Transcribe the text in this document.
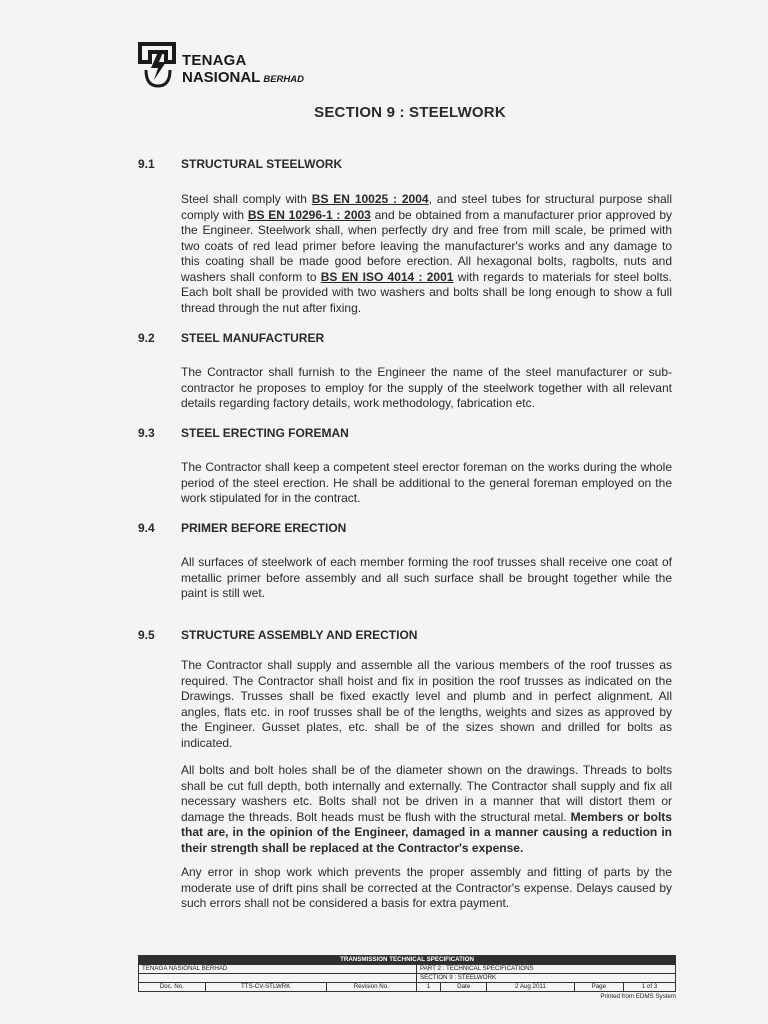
TENAGA
NASIONAL BERHAD
SECTION 9 : STEELWORK
9.1 STRUCTURAL STEELWORK
Steel shall comply with BS EN 10025 : 2004, and steel tubes for structural purpose shall comply with BS EN 10296-1 : 2003 and be obtained from a manufacturer prior approved by the Engineer. Steelwork shall, when perfectly dry and free from mill scale, be primed with two coats of red lead primer before leaving the manufacturer's works and any damage to this coating shall be made good before erection. All hexagonal bolts, ragbolts, nuts and washers shall conform to BS EN ISO 4014 : 2001 with regards to materials for steel bolts. Each bolt shall be provided with two washers and bolts shall be long enough to show a full thread through the nut after fixing.
9.2 STEEL MANUFACTURER
The Contractor shall furnish to the Engineer the name of the steel manufacturer or sub-contractor he proposes to employ for the supply of the steelwork together with all relevant details regarding factory details, work methodology, fabrication etc.
9.3 STEEL ERECTING FOREMAN
The Contractor shall keep a competent steel erector foreman on the works during the whole period of the steel erection. He shall be additional to the general foreman employed on the work stipulated for in the contract.
9.4 PRIMER BEFORE ERECTION
All surfaces of steelwork of each member forming the roof trusses shall receive one coat of metallic primer before assembly and all such surface shall be brought together while the paint is still wet.
9.5 STRUCTURE ASSEMBLY AND ERECTION
The Contractor shall supply and assemble all the various members of the roof trusses as required. The Contractor shall hoist and fix in position the roof trusses as indicated on the Drawings. Trusses shall be fixed exactly level and plumb and in perfect alignment. All angles, flats etc. in roof trusses shall be of the lengths, weights and sizes as approved by the Engineer. Gusset plates, etc. shall be of the sizes shown and drilled for bolts as indicated.
All bolts and bolt holes shall be of the diameter shown on the drawings. Threads to bolts shall be cut full depth, both internally and externally. The Contractor shall supply and fix all necessary washers etc. Bolts shall not be driven in a manner that will distort them or damage the threads. Bolt heads must be flush with the structural metal. Members or bolts that are, in the opinion of the Engineer, damaged in a manner causing a reduction in their strength shall be replaced at the Contractor's expense.
Any error in shop work which prevents the proper assembly and fitting of parts by the moderate use of drift pins shall be corrected at the Contractor's expense. Delays caused by such errors shall not be considered a basis for extra payment.
TRANSMISSION TECHNICAL SPECIFICATION							
TENAGA NASIONAL BERHAD			PART 2 : TECHNICAL SPECIFICATIONS				
			SECTION 9 : STEELWORK				
Doc. No.	TTS-CV-STLWRK	Revision No.	1	Date	2 Aug 2011	Page	1 of 3
Printed from EDMS System
